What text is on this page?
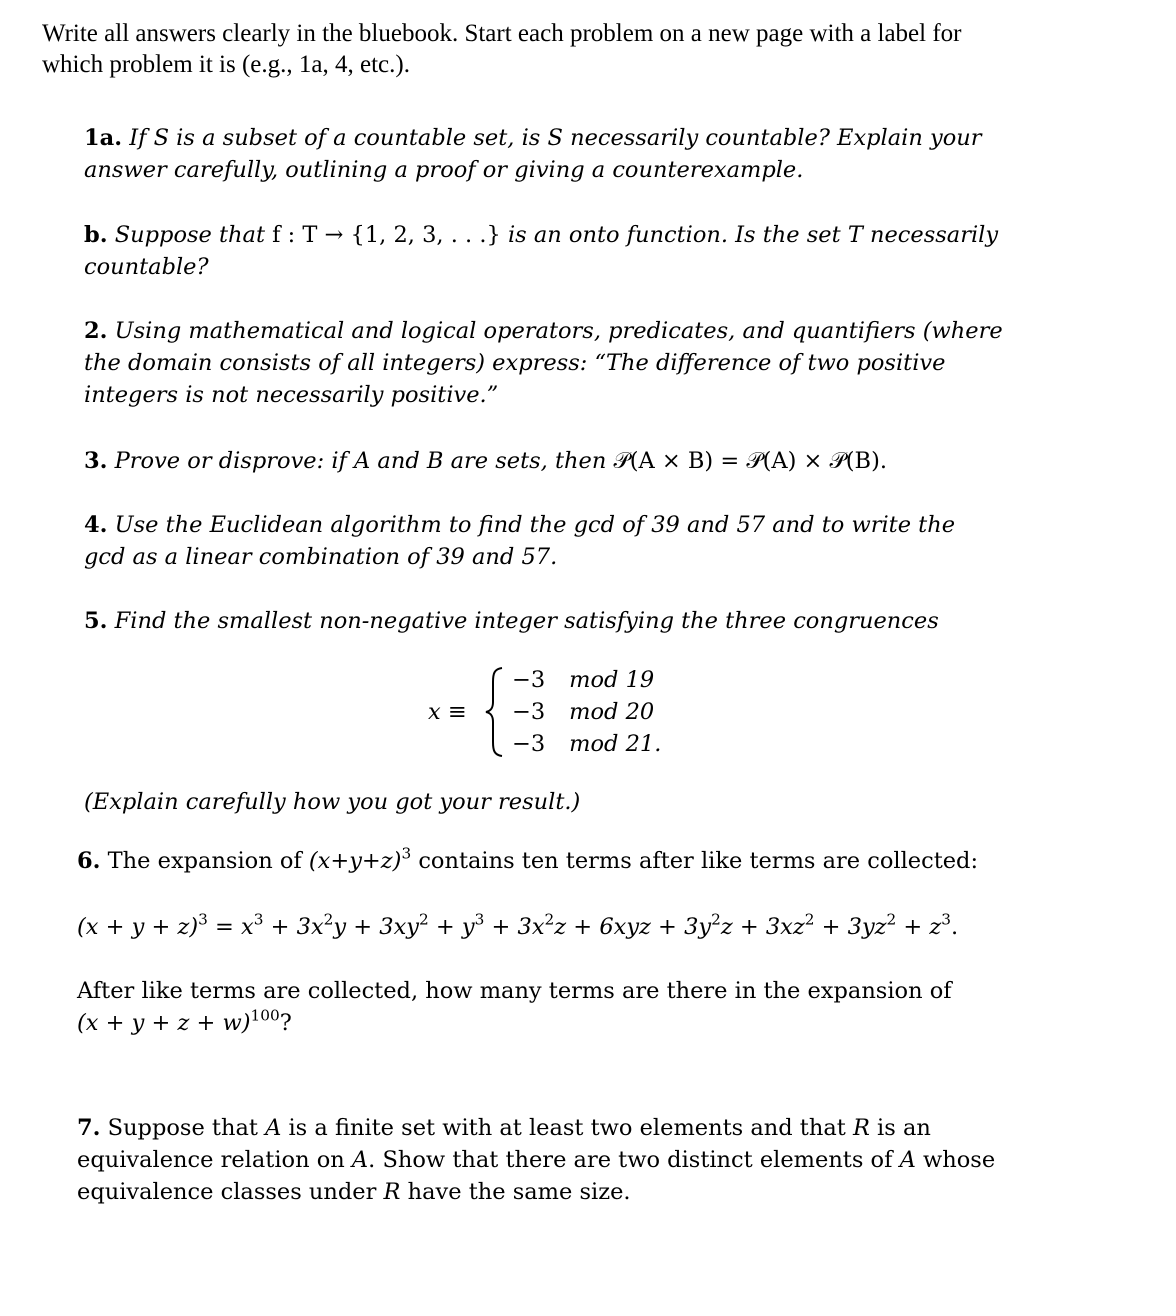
Write all answers clearly in the bluebook. Start each problem on a new page with a label for
which problem it is (e.g., 1a, 4, etc.).
1a. If S is a subset of a countable set, is S necessarily countable? Explain your
answer carefully, outlining a proof or giving a counterexample.
b. Suppose that f : T → {1, 2, 3, . . .} is an onto function. Is the set T necessarily
countable?
2. Using mathematical and logical operators, predicates, and quantifiers (where
the domain consists of all integers) express: “The difference of two positive
integers is not necessarily positive.”
3. Prove or disprove: if A and B are sets, then 𝒫(A × B) = 𝒫(A) × 𝒫(B).
4. Use the Euclidean algorithm to find the gcd of 39 and 57 and to write the
gcd as a linear combination of 39 and 57.
5. Find the smallest non-negative integer satisfying the three congruences
x ≡
−3	mod 19
−3	mod 20
−3	mod 21.
(Explain carefully how you got your result.)
6. The expansion of $(x+y+z)^3$ contains ten terms after like terms are collected:
$(x + y + z)^3 = x^3 + 3x^2y + 3xy^2 + y^3 + 3x^2z + 6xyz + 3y^2z + 3xz^2 + 3yz^2 + z^3$.
After like terms are collected, how many terms are there in the expansion of
$(x + y + z + w)^{100}$?
7. Suppose that A is a finite set with at least two elements and that R is an
equivalence relation on A. Show that there are two distinct elements of A whose
equivalence classes under R have the same size.
